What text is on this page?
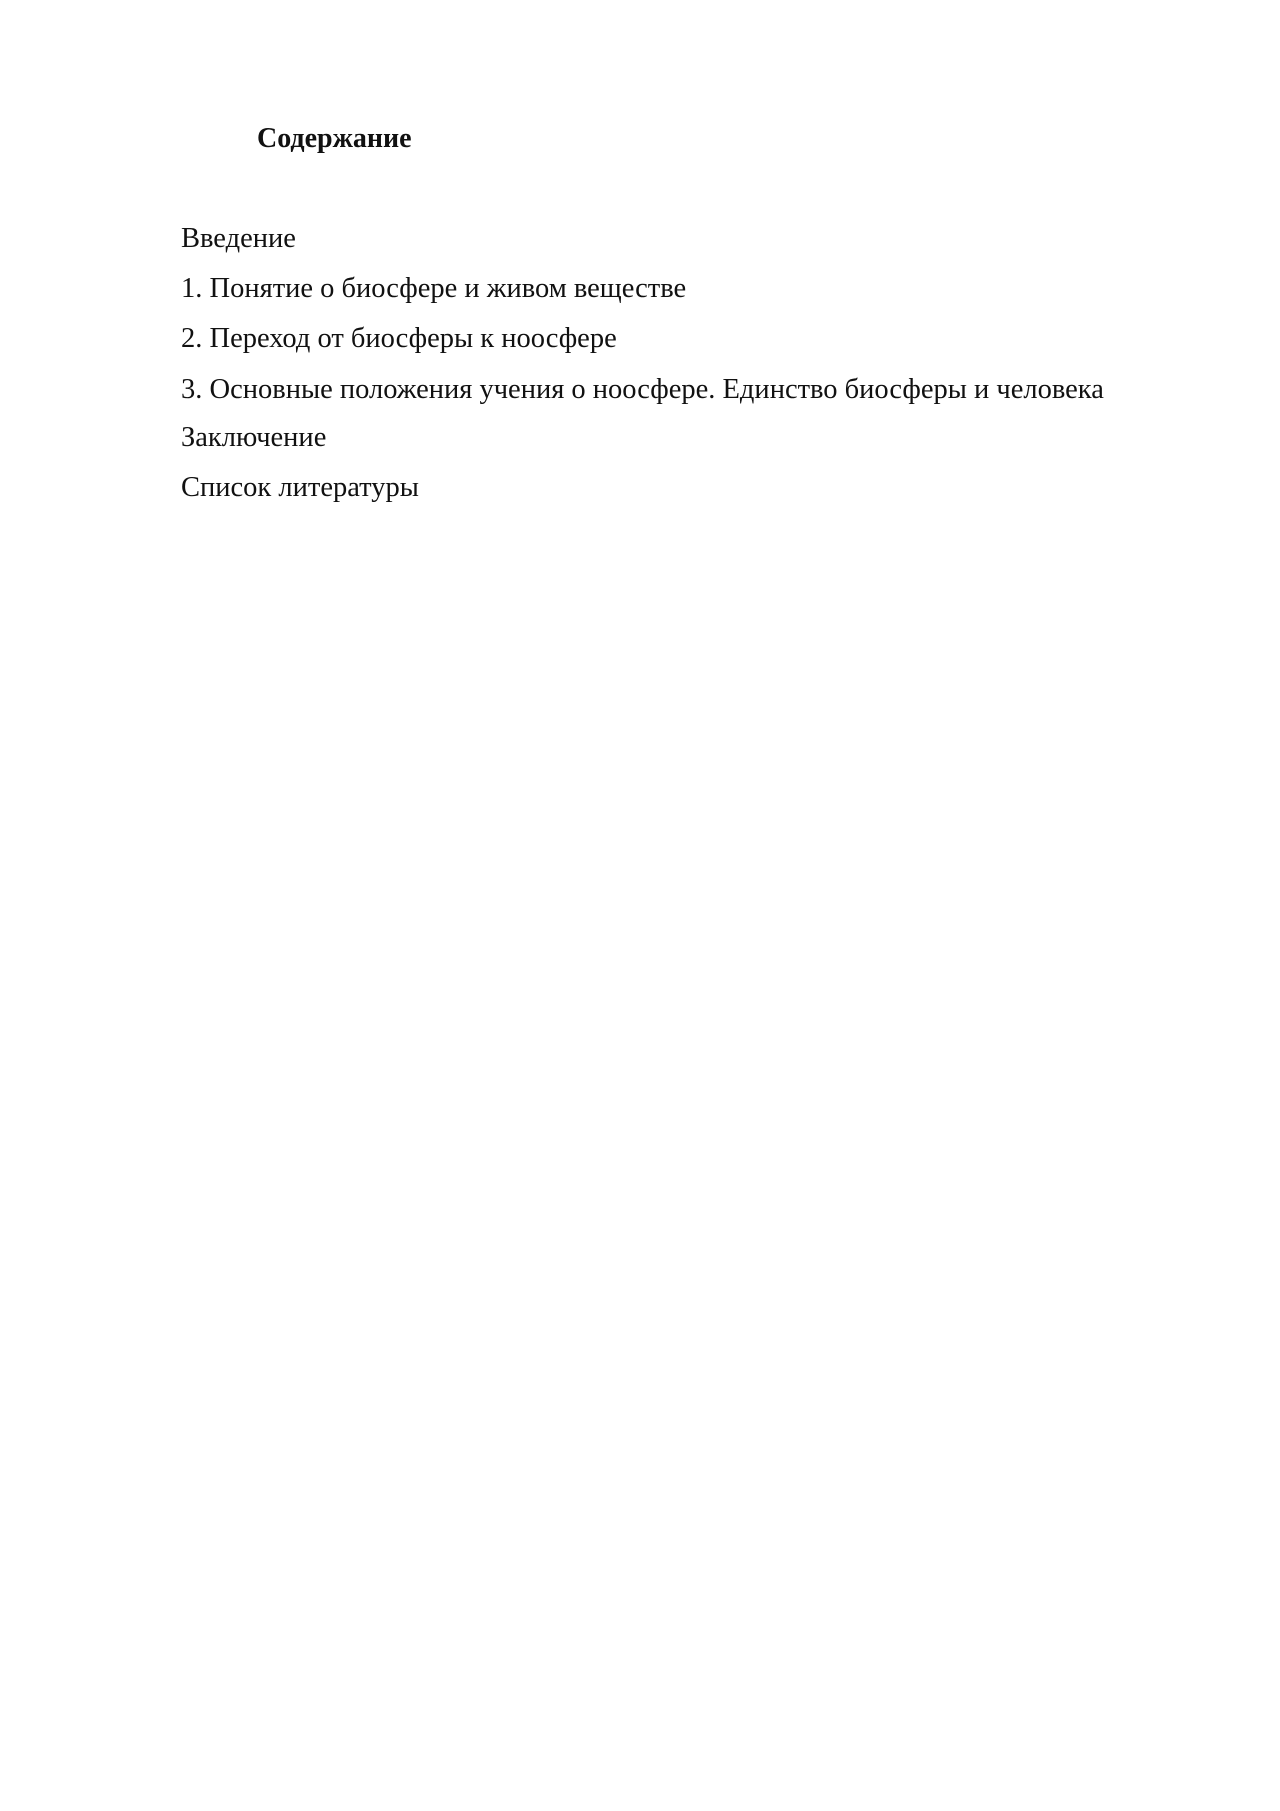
Содержание
Введение
1. Понятие о биосфере и живом веществе
2. Переход от биосферы к ноосфере
3. Основные положения учения о ноосфере. Единство биосферы и человека
Заключение
Список литературы
